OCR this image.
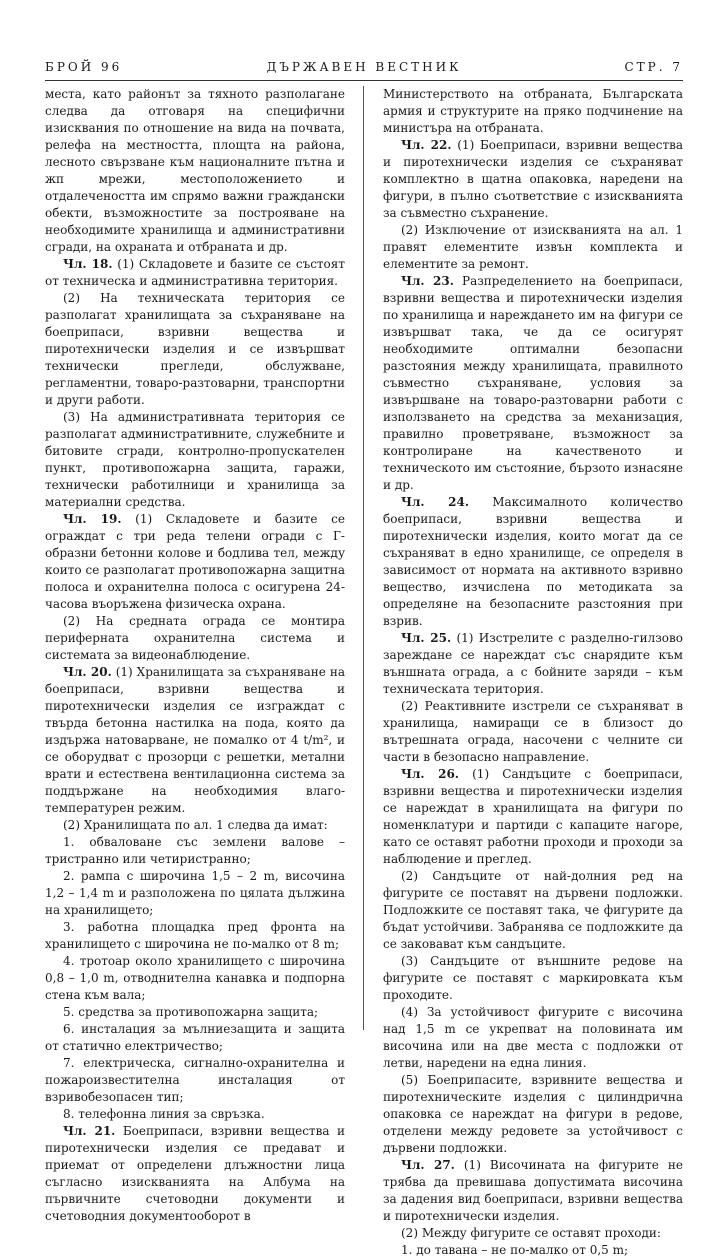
БРОЙ 96	ДЪРЖАВЕН ВЕСТНИК	СТР. 7

места, като районът за тяхното разполагане следва да отговаря на специфични изисквания по отношение на вида на почвата, релефа на местността, площта на района, лесното свързване към националните пътна и жп мрежи, местоположението и отдалечеността им спрямо важни граждански обекти, възможностите за построяване на необходимите хранилища и административни сгради, на охраната и отбраната и др.

Чл. 18. (1) Складовете и базите се състоят от техническа и административна територия.

(2) На техническата територия се разполагат хранилищата за съхраняване на боеприпаси, взривни вещества и пиротехнически изделия и се извършват технически прегледи, обслужване, регламентни, товаро-разтоварни, транспортни и други работи.

(3) На административната територия се разполагат административните, служебните и битовите сгради, контролно-пропускателен пункт, противопожарна защита, гаражи, технически работилници и хранилища за материални средства.

Чл. 19. (1) Складовете и базите се ограждат с три реда телени огради с Г-образни бетонни колове и бодлива тел, между които се разполагат противопожарна защитна полоса и охранителна полоса с осигурена 24-часова въоръжена физическа охрана.

(2) На средната ограда се монтира периферната охранителна система и системата за видеонаблюдение.

Чл. 20. (1) Хранилищата за съхраняване на боеприпаси, взривни вещества и пиротехнически изделия се изграждат с твърда бетонна настилка на пода, която да издържа натоварване, не помалко от 4 t/m², и се оборудват с прозорци с решетки, метални врати и естествена вентилационна система за поддържане на необходимия влаго-температурен режим.

(2) Хранилищата по ал. 1 следва да имат:

1. обваловане със землени валове – тристранно или четиристранно;

2. рампа с широчина 1,5 – 2 m, височина 1,2 – 1,4 m и разположена по цялата дължина на хранилището;

3. работна площадка пред фронта на хранилището с широчина не по-малко от 8 m;

4. тротоар около хранилището с широчина 0,8 – 1,0 m, отводнителна канавка и подпорна стена към вала;

5. средства за противопожарна защита;

6. инсталация за мълниезащита и защита от статично електричество;

7. електрическа, сигнално-охранителна и пожароизвестителна инсталация от взривобезопасен тип;

8. телефонна линия за свръзка.

Чл. 21. Боеприпаси, взривни вещества и пиротехнически изделия се предават и приемат от определени длъжностни лица съгласно изискванията на Албума на първичните счетоводни документи и счетоводния документооборот в

Министерството на отбраната, Българската армия и структурите на пряко подчинение на министъра на отбраната.

Чл. 22. (1) Боеприпаси, взривни вещества и пиротехнически изделия се съхраняват комплектно в щатна опаковка, наредени на фигури, в пълно съответствие с изискванията за съвместно съхранение.

(2) Изключение от изискванията на ал. 1 правят елементите извън комплекта и елементите за ремонт.

Чл. 23. Разпределението на боеприпаси, взривни вещества и пиротехнически изделия по хранилища и нареждането им на фигури се извършват така, че да се осигурят необходимите оптимални безопасни разстояния между хранилищата, правилното съвместно съхраняване, условия за извършване на товаро-разтоварни работи с използването на средства за механизация, правилно проветряване, възможност за контролиране на качественото и техническото им състояние, бързото изнасяне и др.

Чл. 24. Максималното количество боеприпаси, взривни вещества и пиротехнически изделия, които могат да се съхраняват в едно хранилище, се определя в зависимост от нормата на активното взривно вещество, изчислена по методиката за определяне на безопасните разстояния при взрив.

Чл. 25. (1) Изстрелите с разделно-гилзово зареждане се нареждат със снарядите към външната ограда, а с бойните заряди – към техническата територия.

(2) Реактивните изстрели се съхраняват в хранилища, намиращи се в близост до вътрешната ограда, насочени с челните си части в безопасно направление.

Чл. 26. (1) Сандъците с боеприпаси, взривни вещества и пиротехнически изделия се нареждат в хранилищата на фигури по номенклатури и партиди с капаците нагоре, като се оставят работни проходи и проходи за наблюдение и преглед.

(2) Сандъците от най-долния ред на фигурите се поставят на дървени подложки. Подложките се поставят така, че фигурите да бъдат устойчиви. Забранява се подложките да се заковават към сандъците.

(3) Сандъците от външните редове на фигурите се поставят с маркировката към проходите.

(4) За устойчивост фигурите с височина над 1,5 m се укрепват на половината им височина или на две места с подложки от летви, наредени на една линия.

(5) Боеприпасите, взривните вещества и пиротехническите изделия с цилиндрична опаковка се нареждат на фигури в редове, отделени между редовете за устойчивост с дървени подложки.

Чл. 27. (1) Височината на фигурите не трябва да превишава допустимата височина за дадения вид боеприпаси, взривни вещества и пиротехнически изделия.

(2) Между фигурите се оставят проходи:

1. до тавана – не по-малко от 0,5 m;
